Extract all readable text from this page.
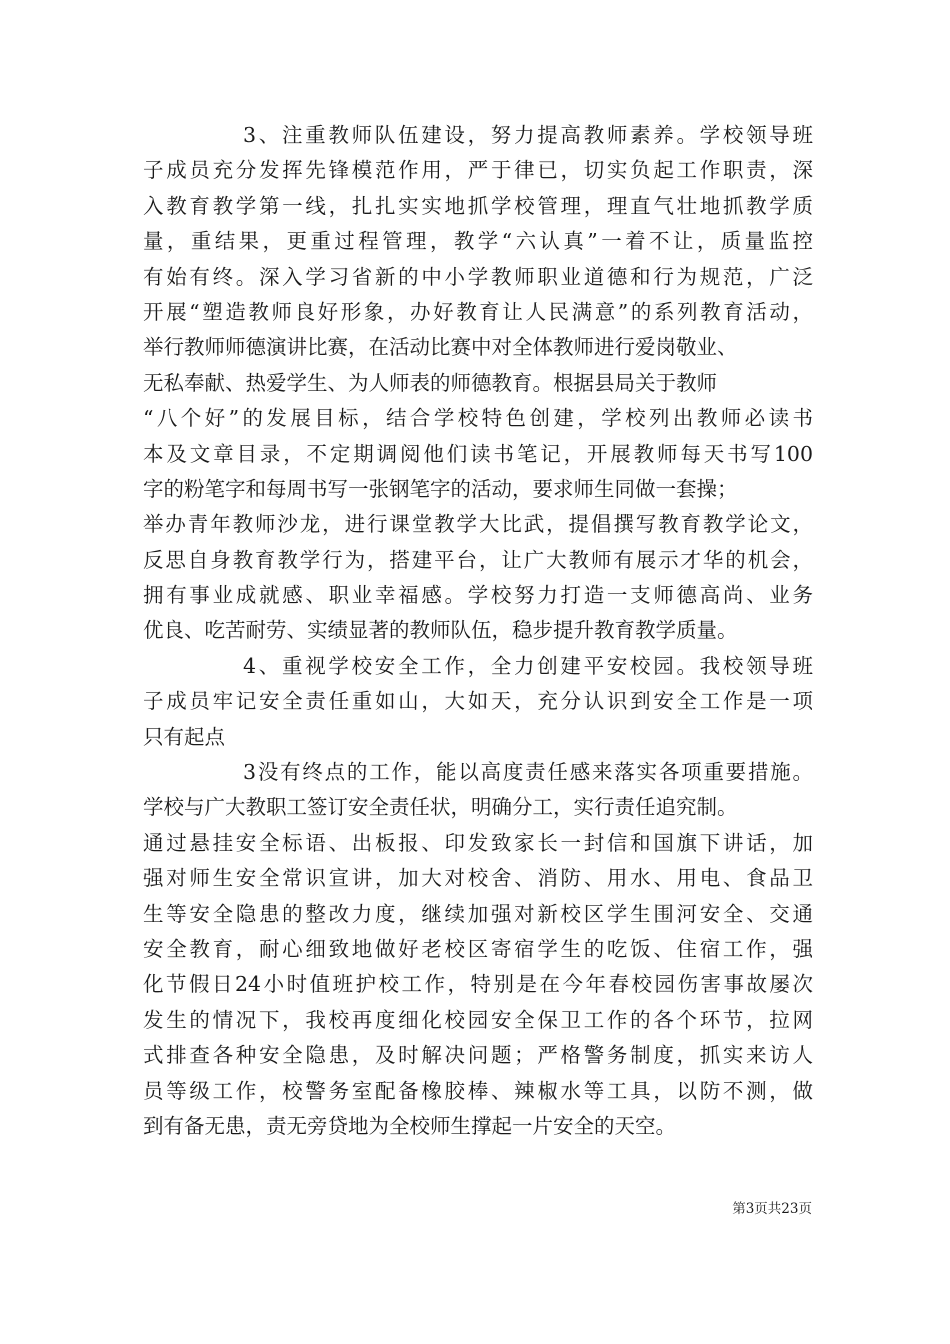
3、注重教师队伍建设，努力提高教师素养。学校领导班
子成员充分发挥先锋模范作用，严于律已，切实负起工作职责，深
入教育教学第一线，扎扎实实地抓学校管理，理直气壮地抓教学质
量，重结果，更重过程管理，教学“六认真”一着不让，质量监控
有始有终。深入学习省新的中小学教师职业道德和行为规范，广泛
开展“塑造教师良好形象，办好教育让人民满意”的系列教育活动，
举行教师师德演讲比赛，在活动比赛中对全体教师进行爱岗敬业、
无私奉献、热爱学生、为人师表的师德教育。根据县局关于教师
“八个好”的发展目标，结合学校特色创建，学校列出教师必读书
本及文章目录，不定期调阅他们读书笔记，开展教师每天书写100
字的粉笔字和每周书写一张钢笔字的活动，要求师生同做一套操；
举办青年教师沙龙，进行课堂教学大比武，提倡撰写教育教学论文，
反思自身教育教学行为，搭建平台，让广大教师有展示才华的机会，
拥有事业成就感、职业幸福感。学校努力打造一支师德高尚、业务
优良、吃苦耐劳、实绩显著的教师队伍，稳步提升教育教学质量。
4、重视学校安全工作，全力创建平安校园。我校领导班
子成员牢记安全责任重如山，大如天，充分认识到安全工作是一项
只有起点
3没有终点的工作，能以高度责任感来落实各项重要措施。
学校与广大教职工签订安全责任状，明确分工，实行责任追究制。
通过悬挂安全标语、出板报、印发致家长一封信和国旗下讲话，加
强对师生安全常识宣讲，加大对校舍、消防、用水、用电、食品卫
生等安全隐患的整改力度，继续加强对新校区学生围河安全、交通
安全教育，耐心细致地做好老校区寄宿学生的吃饭、住宿工作，强
化节假日24小时值班护校工作，特别是在今年春校园伤害事故屡次
发生的情况下，我校再度细化校园安全保卫工作的各个环节，拉网
式排查各种安全隐患，及时解决问题；严格警务制度，抓实来访人
员等级工作，校警务室配备橡胶棒、辣椒水等工具，以防不测，做
到有备无患，责无旁贷地为全校师生撑起一片安全的天空。
第3页共23页
